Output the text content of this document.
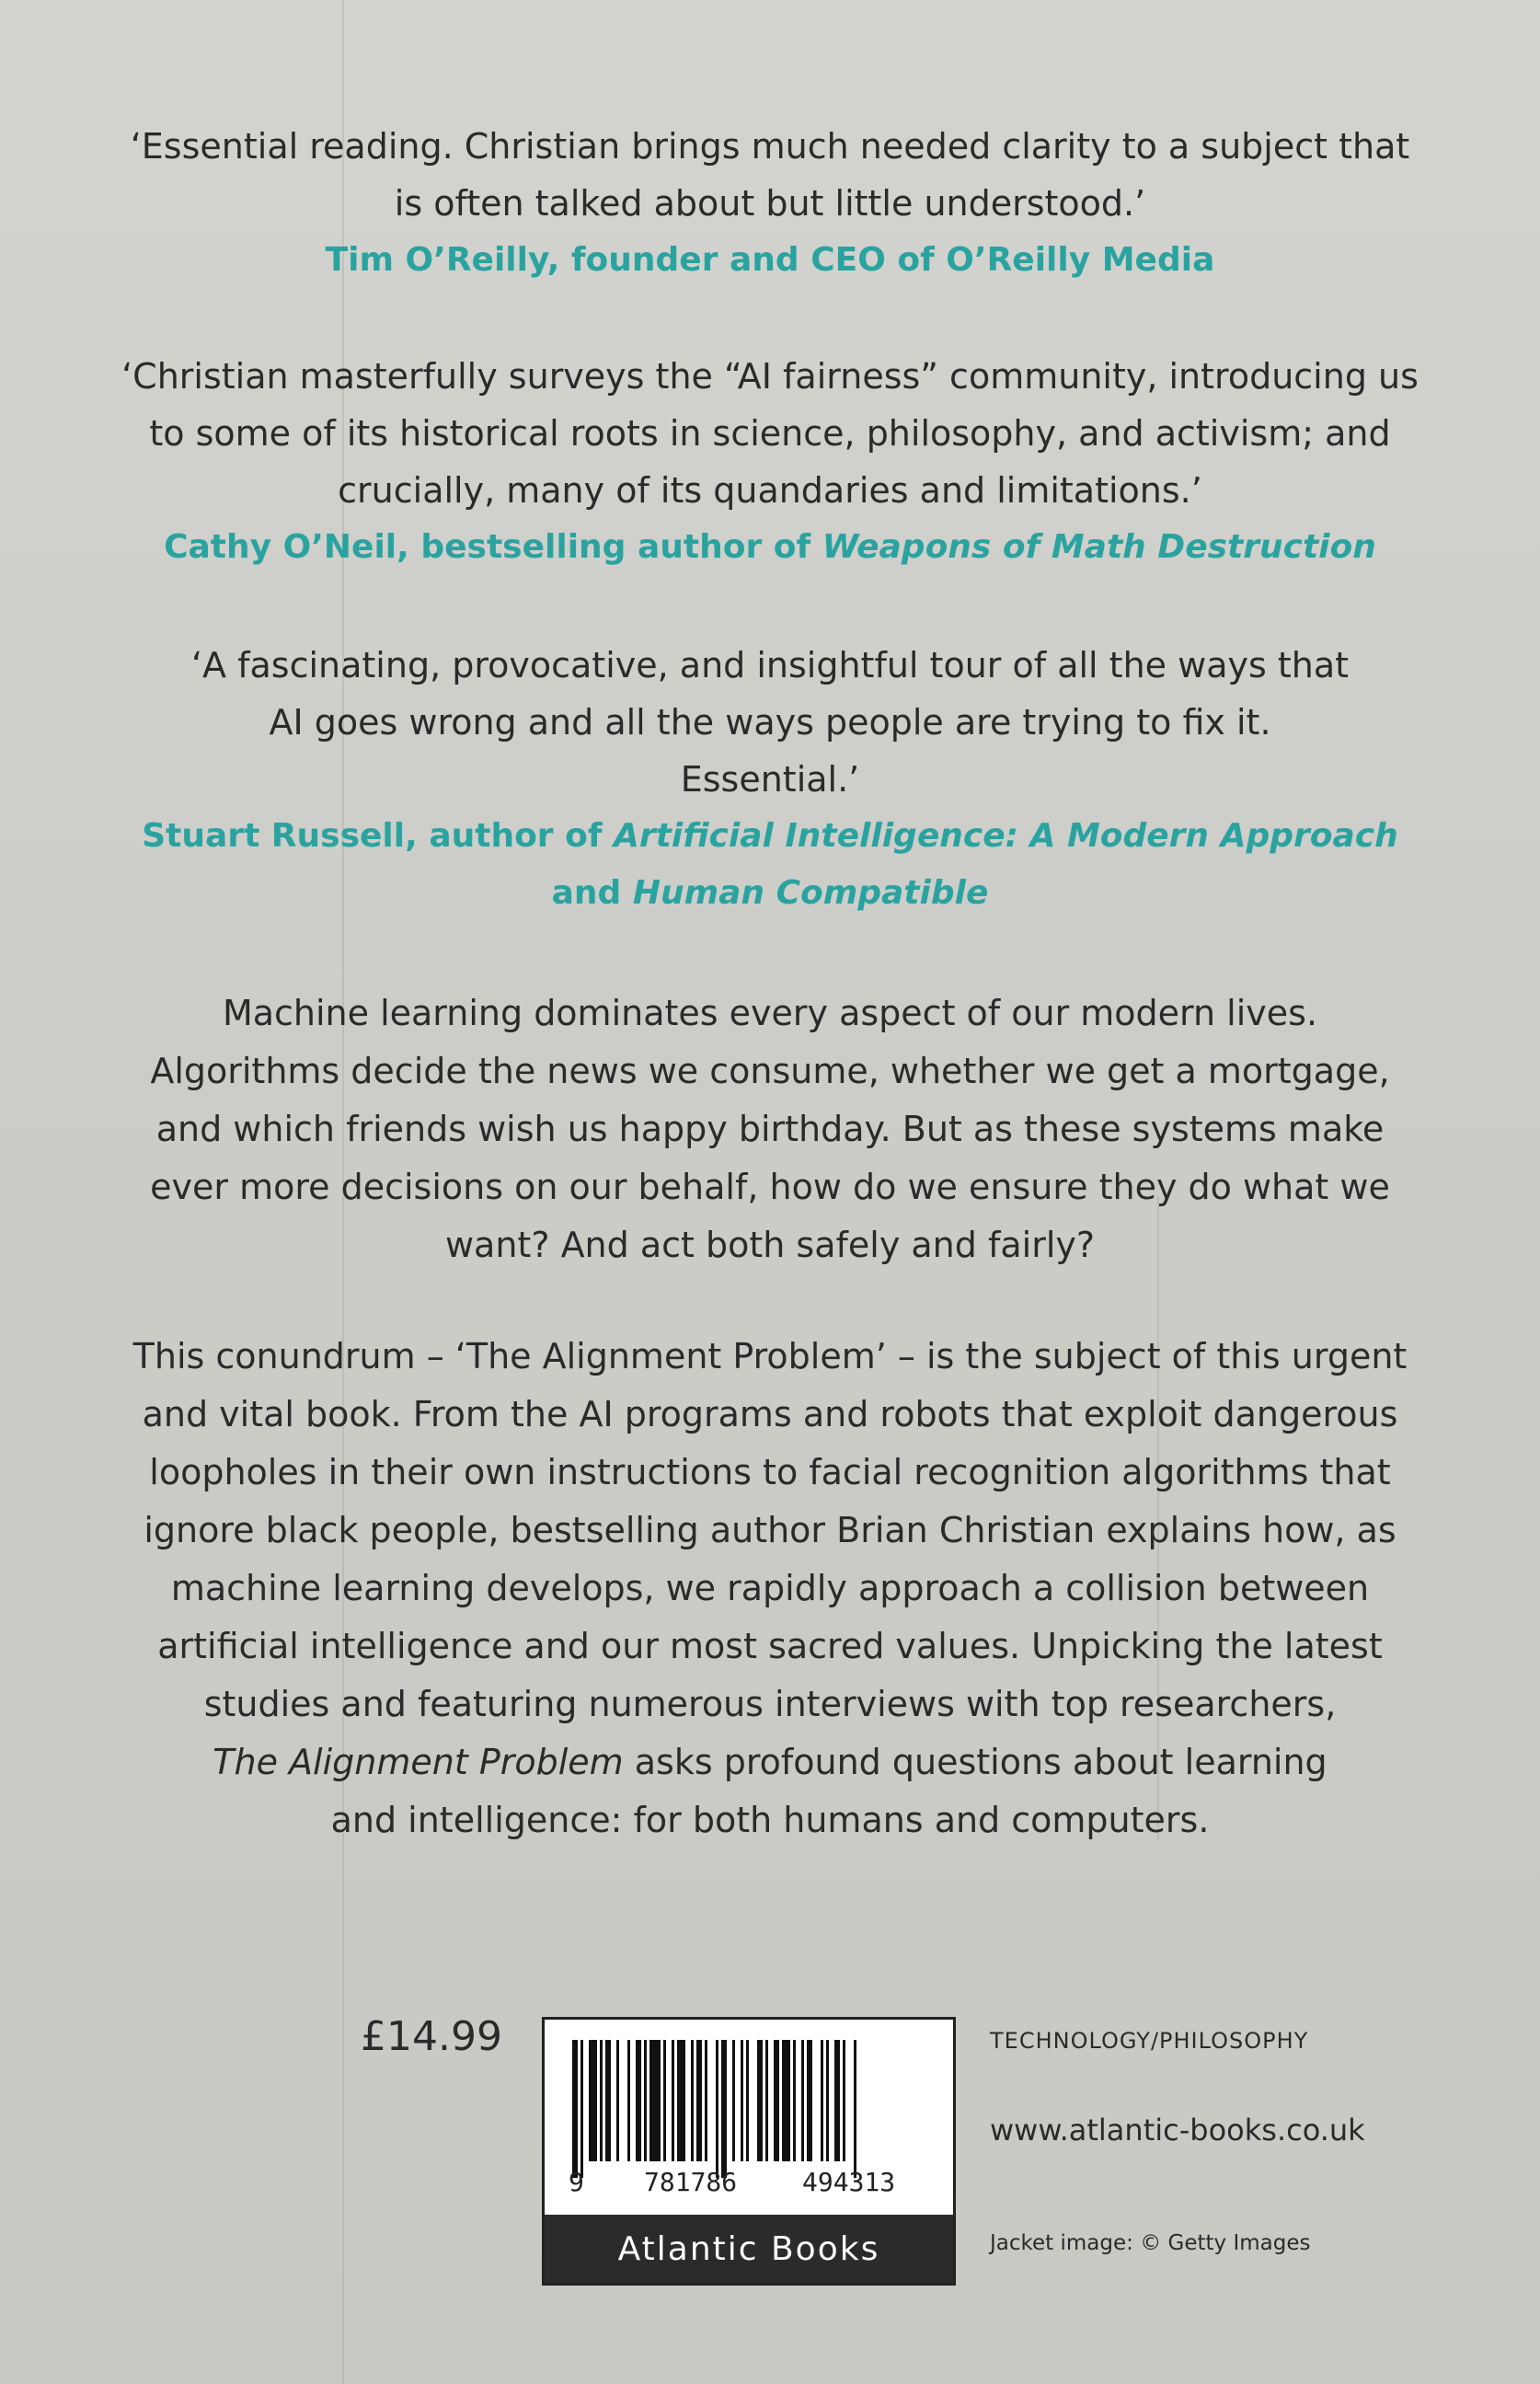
‘Essential reading. Christian brings much needed clarity to a subject that

is often talked about but little understood.’

Tim O’Reilly, founder and CEO of O’Reilly Media

‘Christian masterfully surveys the “AI fairness” community, introducing us

to some of its historical roots in science, philosophy, and activism; and

crucially, many of its quandaries and limitations.’

Cathy O’Neil, bestselling author of Weapons of Math Destruction

‘A fascinating, provocative, and insightful tour of all the ways that

AI goes wrong and all the ways people are trying to fix it.

Essential.’

Stuart Russell, author of Artificial Intelligence: A Modern Approach

and Human Compatible

Machine learning dominates every aspect of our modern lives.

Algorithms decide the news we consume, whether we get a mortgage,

and which friends wish us happy birthday. But as these systems make

ever more decisions on our behalf, how do we ensure they do what we

want? And act both safely and fairly?

This conundrum – ‘The Alignment Problem’ – is the subject of this urgent

and vital book. From the AI programs and robots that exploit dangerous

loopholes in their own instructions to facial recognition algorithms that

ignore black people, bestselling author Brian Christian explains how, as

machine learning develops, we rapidly approach a collision between

artificial intelligence and our most sacred values. Unpicking the latest

studies and featuring numerous interviews with top researchers,

The Alignment Problem asks profound questions about learning

and intelligence: for both humans and computers.

£14.99
9 781786	494313
Atlantic Books
TECHNOLOGY/PHILOSOPHY
www.atlantic-books.co.uk
Jacket image: © Getty Images
